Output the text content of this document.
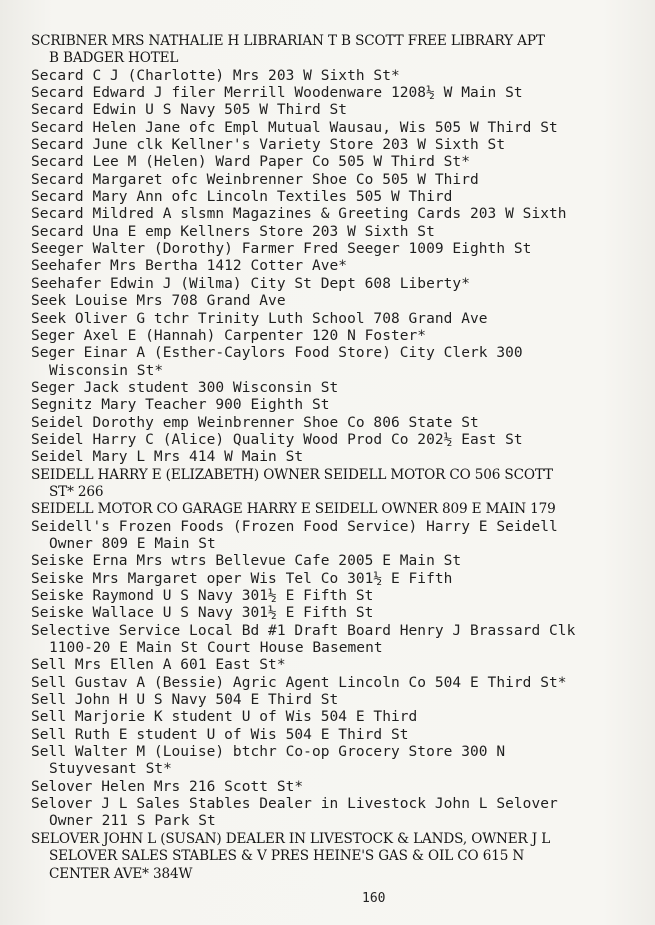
SCRIBNER MRS NATHALIE H LIBRARIAN T B SCOTT FREE LIBRARY APT
B BADGER HOTEL
Secard C J (Charlotte) Mrs 203 W Sixth St*
Secard Edward J filer Merrill Woodenware 1208½ W Main St
Secard Edwin U S Navy 505 W Third St
Secard Helen Jane ofc Empl Mutual Wausau, Wis 505 W Third St
Secard June clk Kellner's Variety Store 203 W Sixth St
Secard Lee M (Helen) Ward Paper Co 505 W Third St*
Secard Margaret ofc Weinbrenner Shoe Co 505 W Third
Secard Mary Ann ofc Lincoln Textiles 505 W Third
Secard Mildred A slsmn Magazines & Greeting Cards 203 W Sixth
Secard Una E emp Kellners Store 203 W Sixth St
Seeger Walter (Dorothy) Farmer Fred Seeger 1009 Eighth St
Seehafer Mrs Bertha 1412 Cotter Ave*
Seehafer Edwin J (Wilma) City St Dept 608 Liberty*
Seek Louise Mrs 708 Grand Ave
Seek Oliver G tchr Trinity Luth School 708 Grand Ave
Seger Axel E (Hannah) Carpenter 120 N Foster*
Seger Einar A (Esther-Caylors Food Store) City Clerk 300
Wisconsin St*
Seger Jack student 300 Wisconsin St
Segnitz Mary Teacher 900 Eighth St
Seidel Dorothy emp Weinbrenner Shoe Co 806 State St
Seidel Harry C (Alice) Quality Wood Prod Co 202½ East St
Seidel Mary L Mrs 414 W Main St
SEIDELL HARRY E (ELIZABETH) OWNER SEIDELL MOTOR CO 506 SCOTT
ST* 266
SEIDELL MOTOR CO GARAGE HARRY E SEIDELL OWNER 809 E MAIN 179
Seidell's Frozen Foods (Frozen Food Service) Harry E Seidell
Owner 809 E Main St
Seiske Erna Mrs wtrs Bellevue Cafe 2005 E Main St
Seiske Mrs Margaret oper Wis Tel Co 301½ E Fifth
Seiske Raymond U S Navy 301½ E Fifth St
Seiske Wallace U S Navy 301½ E Fifth St
Selective Service Local Bd #1 Draft Board Henry J Brassard Clk
1100-20 E Main St Court House Basement
Sell Mrs Ellen A 601 East St*
Sell Gustav A (Bessie) Agric Agent Lincoln Co 504 E Third St*
Sell John H U S Navy 504 E Third St
Sell Marjorie K student U of Wis 504 E Third
Sell Ruth E student U of Wis 504 E Third St
Sell Walter M (Louise) btchr Co-op Grocery Store 300 N
Stuyvesant St*
Selover Helen Mrs 216 Scott St*
Selover J L Sales Stables Dealer in Livestock John L Selover
Owner 211 S Park St
SELOVER JOHN L (SUSAN) DEALER IN LIVESTOCK & LANDS, OWNER J L
SELOVER SALES STABLES & V PRES HEINE'S GAS & OIL CO 615 N
CENTER AVE* 384W
160
